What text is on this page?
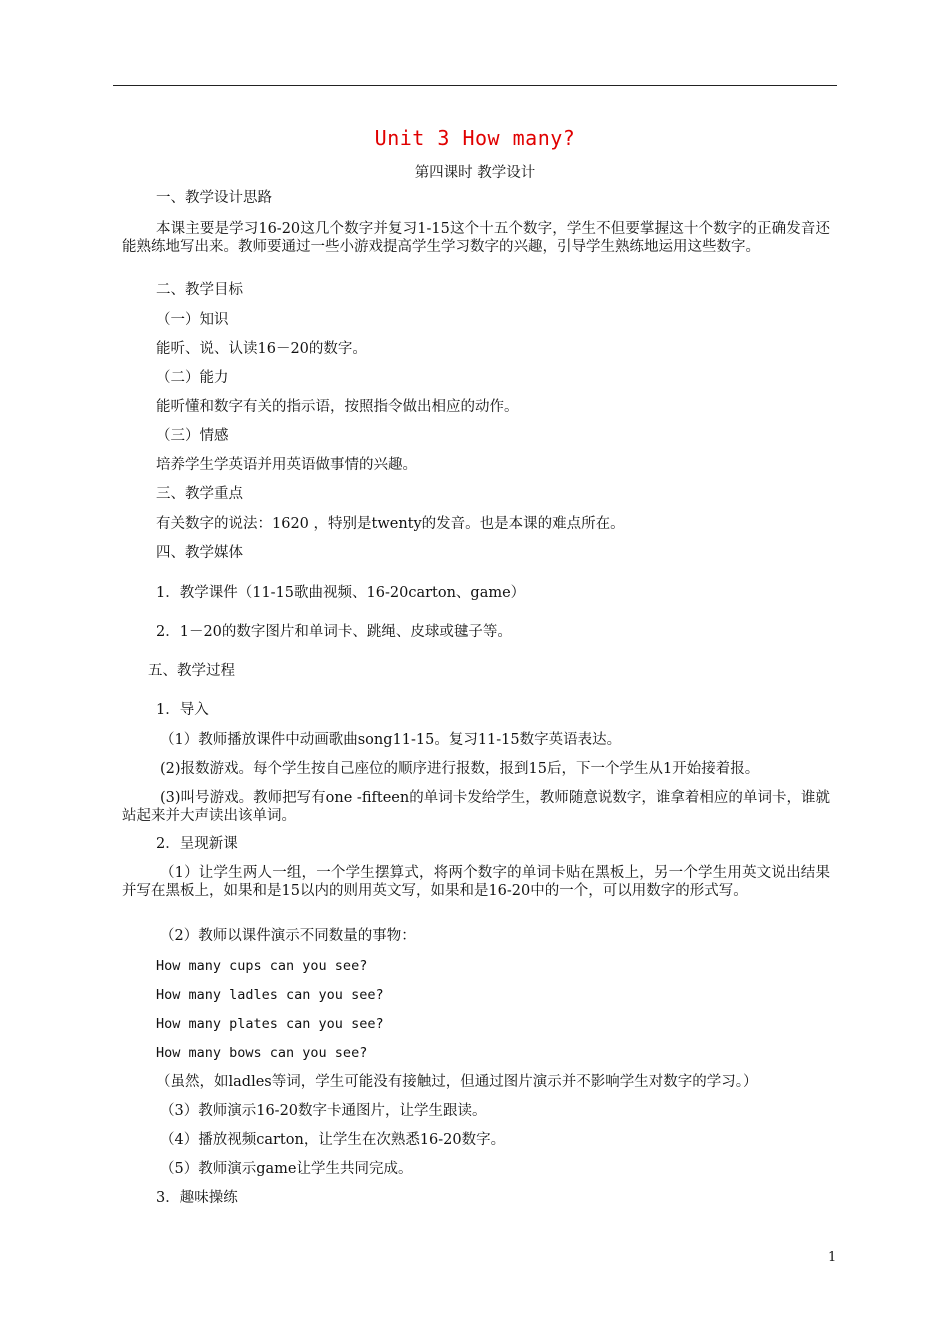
Unit 3 How many?
第四课时 教学设计
一、教学设计思路
本课主要是学习16-20这几个数字并复习1-15这个十五个数字，学生不但要掌握这十个数字的正确发音还能熟练地写出来。教师要通过一些小游戏提高学生学习数字的兴趣，引导学生熟练地运用这些数字。
二、教学目标
（一）知识
能听、说、认读16－20的数字。
（二）能力
能听懂和数字有关的指示语，按照指令做出相应的动作。
（三）情感
培养学生学英语并用英语做事情的兴趣。
三、教学重点
有关数字的说法：1620 ，特别是twenty的发音。也是本课的难点所在。
四、教学媒体
1．教学课件（11-15歌曲视频、16-20carton、game）
2．1－20的数字图片和单词卡、跳绳、皮球或毽子等。
五、教学过程
1．导入
（1）教师播放课件中动画歌曲song11-15。复习11-15数字英语表达。
(2)报数游戏。每个学生按自己座位的顺序进行报数，报到15后，下一个学生从1开始接着报。
(3)叫号游戏。教师把写有one -fifteen的单词卡发给学生，教师随意说数字，谁拿着相应的单词卡，谁就站起来并大声读出该单词。
2．呈现新课
（1）让学生两人一组，一个学生摆算式，将两个数字的单词卡贴在黑板上，另一个学生用英文说出结果并写在黑板上，如果和是15以内的则用英文写，如果和是16-20中的一个，可以用数字的形式写。
（2）教师以课件演示不同数量的事物：
How many cups can you see?
How many ladles can you see?
How many plates can you see?
How many bows can you see?
（虽然，如ladles等词，学生可能没有接触过，但通过图片演示并不影响学生对数字的学习。）
（3）教师演示16-20数字卡通图片，让学生跟读。
（4）播放视频carton，让学生在次熟悉16-20数字。
（5）教师演示game让学生共同完成。
3．趣味操练
1
